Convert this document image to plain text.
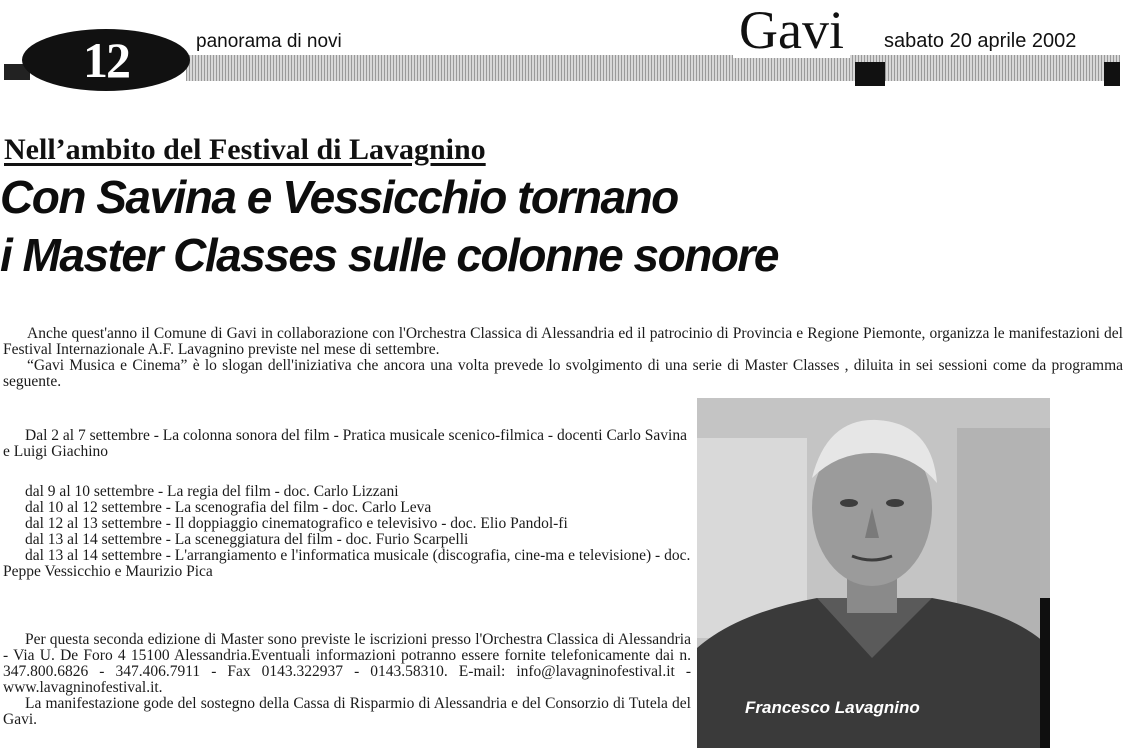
12	panorama di novi	Gavi	sabato 20 aprile 2002
Nell’ambito del Festival di Lavagnino
Con Savina e Vessicchio tornano
i Master Classes sulle colonne sonore

Anche quest'anno il Comune di Gavi in collaborazione con l'Orchestra Classica di Alessandria ed il patrocinio di Provincia e Regione Piemonte, organizza le manifestazioni del Festival Internazionale A.F. Lavagnino previste nel mese di settembre.

“Gavi Musica e Cinema” è lo slogan dell'iniziativa che ancora una volta prevede lo svolgimento di una serie di Master Classes , diluita in sei sessioni come da programma seguente.

Dal 2 al 7 settembre - La colonna sonora del film - Pratica musicale scenico-filmica - docenti Carlo Savina e Luigi Giachino

dal 9 al 10 settembre - La regia del film - doc. Carlo Lizzani

dal 10 al 12 settembre - La scenografia del film - doc. Carlo Leva

dal 12 al 13 settembre - Il doppiaggio cinematografico e televisivo - doc. Elio Pandol-fi

dal 13 al 14 settembre - La sceneggiatura del film - doc. Furio Scarpelli

dal 13 al 14 settembre - L'arrangiamento e l'informatica musicale (discografia, cine-ma e televisione) - doc. Peppe Vessicchio e Maurizio Pica

Per questa seconda edizione di Master sono previste le iscrizioni presso l'Orchestra Classica di Alessandria - Via U. De Foro 4 15100 Alessandria.Eventuali informazioni potranno essere fornite telefonicamente dai n. 347.800.6826 - 347.406.7911 - Fax 0143.322937 - 0143.58310. E-mail: info@lavagninofestival.it - www.lavagninofestival.it.

La manifestazione gode del sostegno della Cassa di Risparmio di Alessandria e del Consorzio di Tutela del Gavi.

Francesco Lavagnino
